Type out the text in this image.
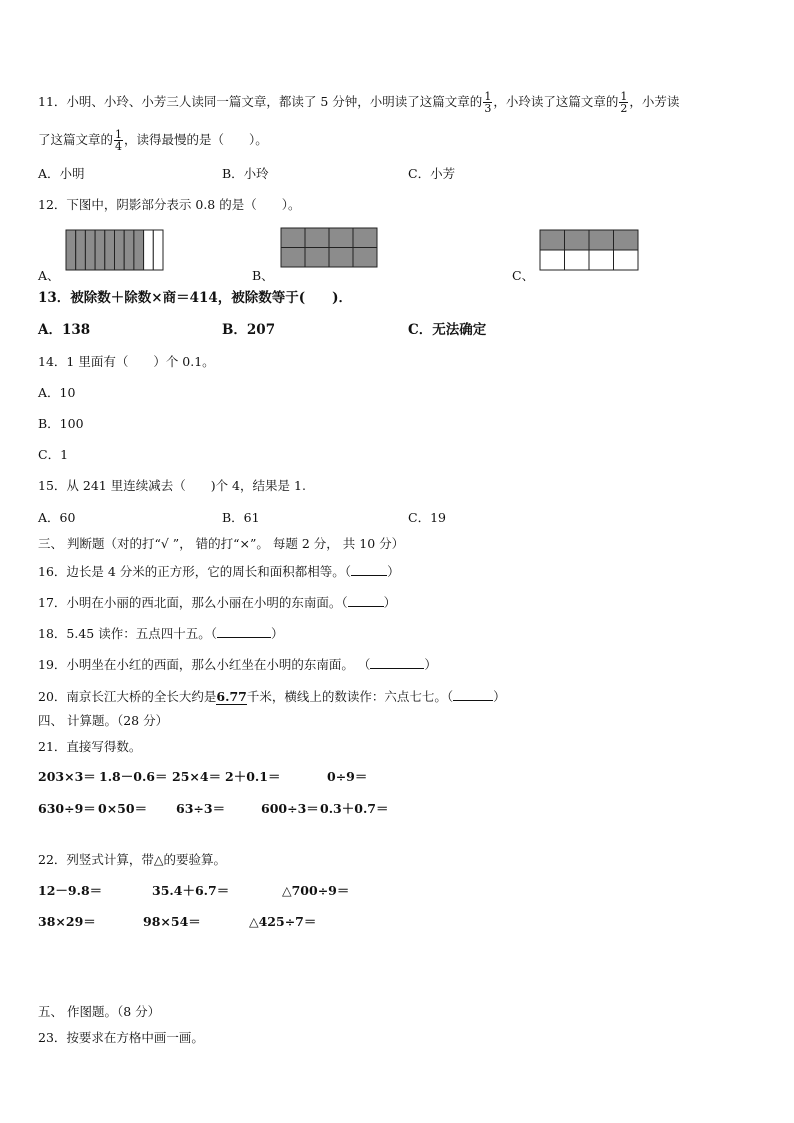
11．小明、小玲、小芳三人读同一篇文章，都读了 5 分钟，小明读了这篇文章的 $\frac{1}{3}$ ，小玲读了这篇文章的 $\frac{1}{2}$ ，小芳读
了这篇文章的 $\frac{1}{4}$ ，读得最慢的是（　　）。
A．小明	B．小玲	C．小芳
12．下图中，阴影部分表示 0.8 的是（　　）。
A、	B、	C、
13．被除数＋除数×商＝414，被除数等于(　　)．
A．138	B．207	C．无法确定
14．1 里面有（　　）个 0.1。
A．10
B．100
C．1
15．从 241 里连续减去（　　)个 4，结果是 1.
A．60	B．61	C．19
三、 判断题（对的打“√ ”， 错的打“×”。 每题 2 分， 共 10 分）
16．边长是 4 分米的正方形，它的周长和面积都相等。（	）
17．小明在小丽的西北面，那么小丽在小明的东南面。（	）
18．5.45 读作：五点四十五。（	）
19．小明坐在小红的西面，那么小红坐在小明的东南面。 （	）
20．南京长江大桥的全长大约是6.77千米，横线上的数读作：六点七七。（	）
四、 计算题。（28 分）
21．直接写得数。
203×3＝ 1.8－0.6＝ 25×4＝ 2＋0.1＝	0÷9＝
630÷9＝ 0×50＝ 63÷3＝	600÷3＝ 0.3＋0.7＝
22．列竖式计算，带△的要验算。
12－9.8＝	35.4＋6.7＝	△700÷9＝
38×29＝	98×54＝	△425÷7＝
五、 作图题。（8 分）
23．按要求在方格中画一画。
